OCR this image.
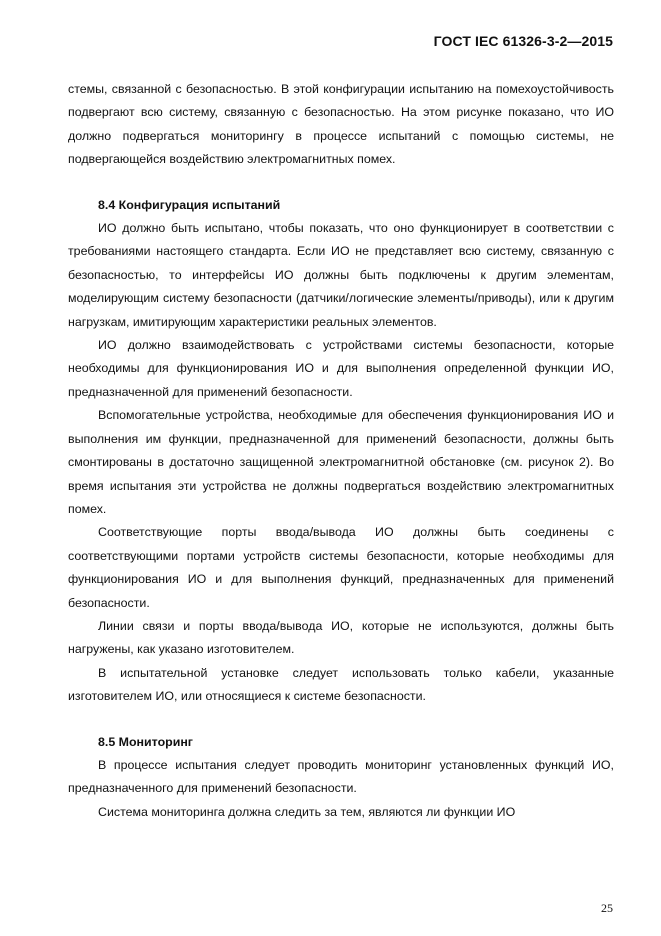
ГОСТ IEC 61326-3-2—2015

стемы, связанной с безопасностью. В этой конфигурации испытанию на помехоустойчивость подвергают всю систему, связанную с безопасностью. На этом рисунке показано, что ИО должно подвергаться мониторингу в процессе испытаний с помощью системы, не подвергающейся воздействию электромагнитных помех.

8.4 Конфигурация испытаний

ИО должно быть испытано, чтобы показать, что оно функционирует в соответствии с требованиями настоящего стандарта. Если ИО не представляет всю систему, связанную с безопасностью, то интерфейсы ИО должны быть подключены к другим элементам, моделирующим систему безопасности (датчики/логические элементы/приводы), или к другим нагрузкам, имитирующим характеристики реальных элементов.

ИО должно взаимодействовать с устройствами системы безопасности, которые необходимы для функционирования ИО и для выполнения определенной функции ИО, предназначенной для применений безопасности.

Вспомогательные устройства, необходимые для обеспечения функционирования ИО и выполнения им функции, предназначенной для применений безопасности, должны быть смонтированы в достаточно защищенной электромагнитной обстановке (см. рисунок 2). Во время испытания эти устройства не должны подвергаться воздействию электромагнитных помех.

Соответствующие порты ввода/вывода ИО должны быть соединены с соответствующими портами устройств системы безопасности, которые необходимы для функционирования ИО и для выполнения функций, предназначенных для применений безопасности.

Линии связи и порты ввода/вывода ИО, которые не используются, должны быть нагружены, как указано изготовителем.

В испытательной установке следует использовать только кабели, указанные изготовителем ИО, или относящиеся к системе безопасности.

8.5 Мониторинг

В процессе испытания следует проводить мониторинг установленных функций ИО, предназначенного для применений безопасности.

Система мониторинга должна следить за тем, являются ли функции ИО

25
